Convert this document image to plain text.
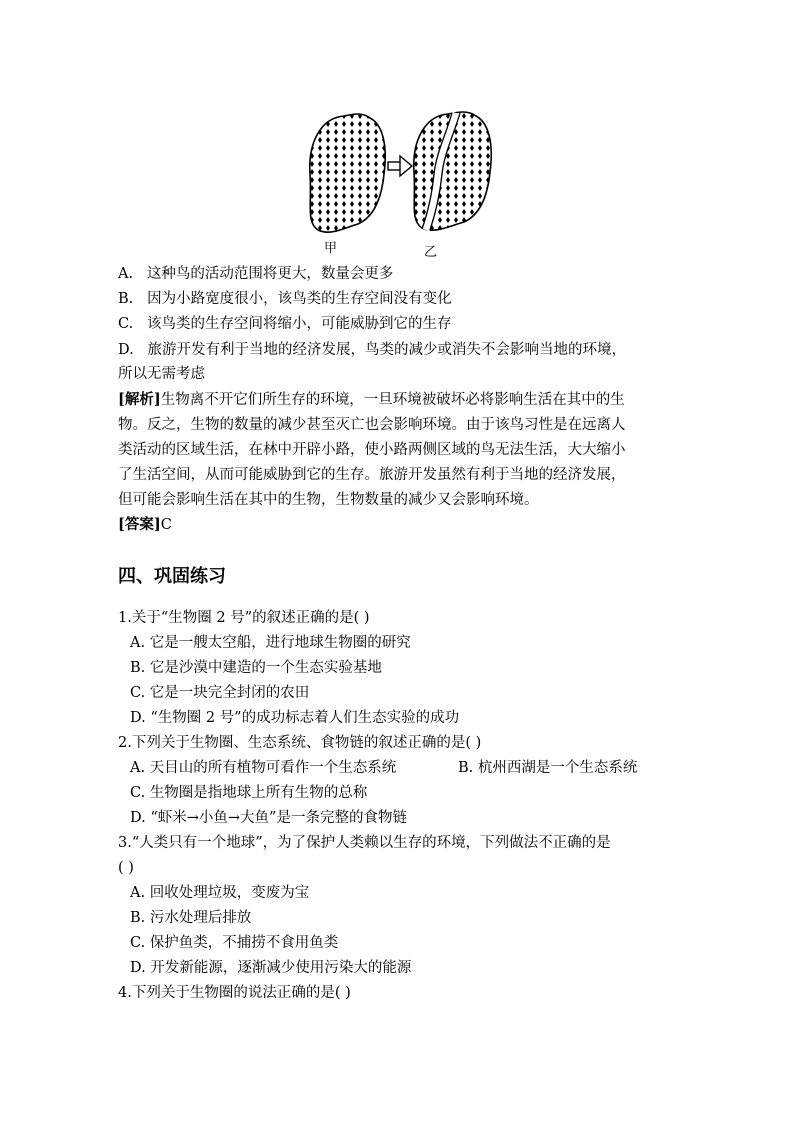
甲	乙
A.   这种鸟的活动范围将更大，数量会更多
B.   因为小路宽度很小，该鸟类的生存空间没有变化
C.   该鸟类的生存空间将缩小，可能威胁到它的生存
D.   旅游开发有利于当地的经济发展，鸟类的减少或消失不会影响当地的环境，
所以无需考虑
[解析]生物离不开它们所生存的环境，一旦环境被破坏必将影响生活在其中的生
物。反之，生物的数量的减少甚至灭亡也会影响环境。由于该鸟习性是在远离人
类活动的区域生活，在林中开辟小路，使小路两侧区域的鸟无法生活，大大缩小
了生活空间，从而可能威胁到它的生存。旅游开发虽然有利于当地的经济发展，
但可能会影响生活在其中的生物，生物数量的减少又会影响环境。
[答案]C
四、巩固练习
1.关于“生物圈 2 号”的叙述正确的是( )
A. 它是一艘太空船，进行地球生物圈的研究
B. 它是沙漠中建造的一个生态实验基地
C. 它是一块完全封闭的农田
D. “生物圈 2 号”的成功标志着人们生态实验的成功
2.下列关于生物圈、生态系统、食物链的叙述正确的是( )
A. 天目山的所有植物可看作一个生态系统	B. 杭州西湖是一个生态系统
C. 生物圈是指地球上所有生物的总称
D. “虾米→小鱼→大鱼”是一条完整的食物链
3.“人类只有一个地球”，为了保护人类赖以生存的环境，下列做法不正确的是
( )
A. 回收处理垃圾，变废为宝
B. 污水处理后排放
C. 保护鱼类，不捕捞不食用鱼类
D. 开发新能源，逐渐减少使用污染大的能源
4.下列关于生物圈的说法正确的是( )
